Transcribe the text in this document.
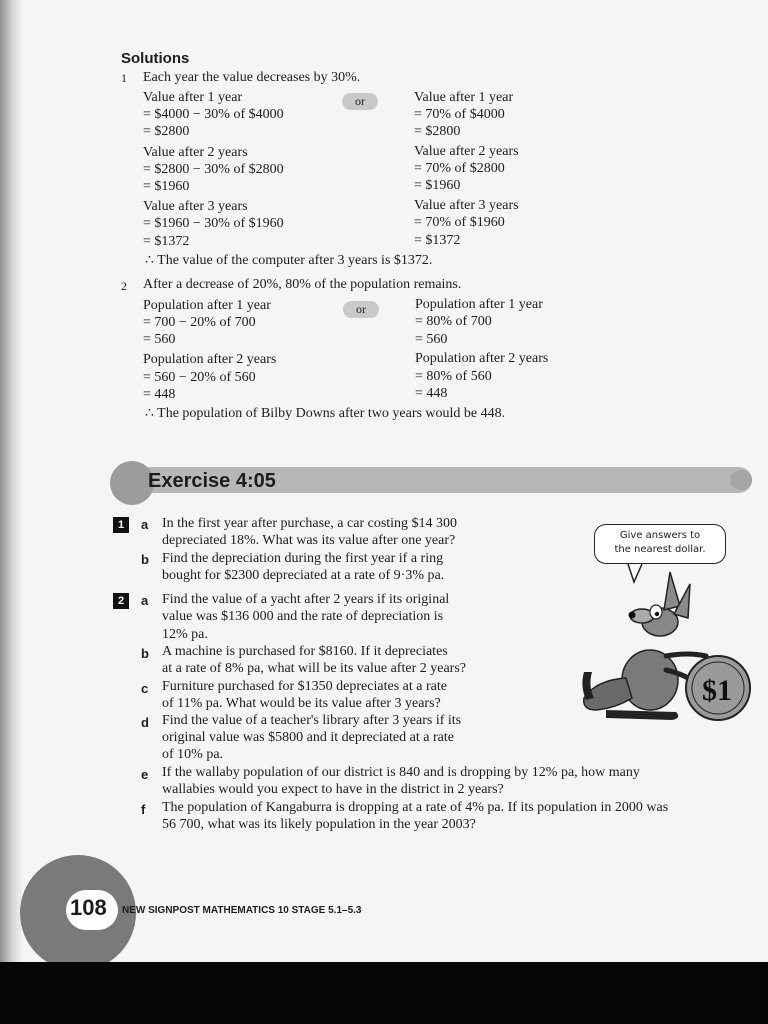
Solutions
1 Each year the value decreases by 30%.
Value after 1 year
= $4000 − 30% of $4000
= $2800
Value after 2 years
= $2800 − 30% of $2800
= $1960
Value after 3 years
= $1960 − 30% of $1960
= $1372
or	Value after 1 year
= 70% of $4000
= $2800
Value after 2 years
= 70% of $2800
= $1960
Value after 3 years
= 70% of $1960
= $1372
∴ The value of the computer after 3 years is $1372.
2 After a decrease of 20%, 80% of the population remains.
Population after 1 year
= 700 − 20% of 700
= 560
Population after 2 years
= 560 − 20% of 560
= 448
or	Population after 1 year
= 80% of 700
= 560
Population after 2 years
= 80% of 560
= 448
∴ The population of Bilby Downs after two years would be 448.
Exercise 4:05
1	a In the first year after purchase, a car costing $14 300
depreciated 18%. What was its value after one year?
b Find the depreciation during the first year if a ring
bought for $2300 depreciated at a rate of 9·3% pa.
2	a Find the value of a yacht after 2 years if its original
value was $136 000 and the rate of depreciation is
12% pa.
b A machine is purchased for $8160. If it depreciates
at a rate of 8% pa, what will be its value after 2 years?
c Furniture purchased for $1350 depreciates at a rate
of 11% pa. What would be its value after 3 years?
d Find the value of a teacher's library after 3 years if its
original value was $5800 and it depreciated at a rate
of 10% pa.
e If the wallaby population of our district is 840 and is dropping by 12% pa, how many
wallabies would you expect to have in the district in 2 years?
f The population of Kangaburra is dropping at a rate of 4% pa. If its population in 2000 was
56 700, what was its likely population in the year 2003?
Give answers to
the nearest dollar.
$1
108 NEW SIGNPOST MATHEMATICS 10 STAGE 5.1–5.3
